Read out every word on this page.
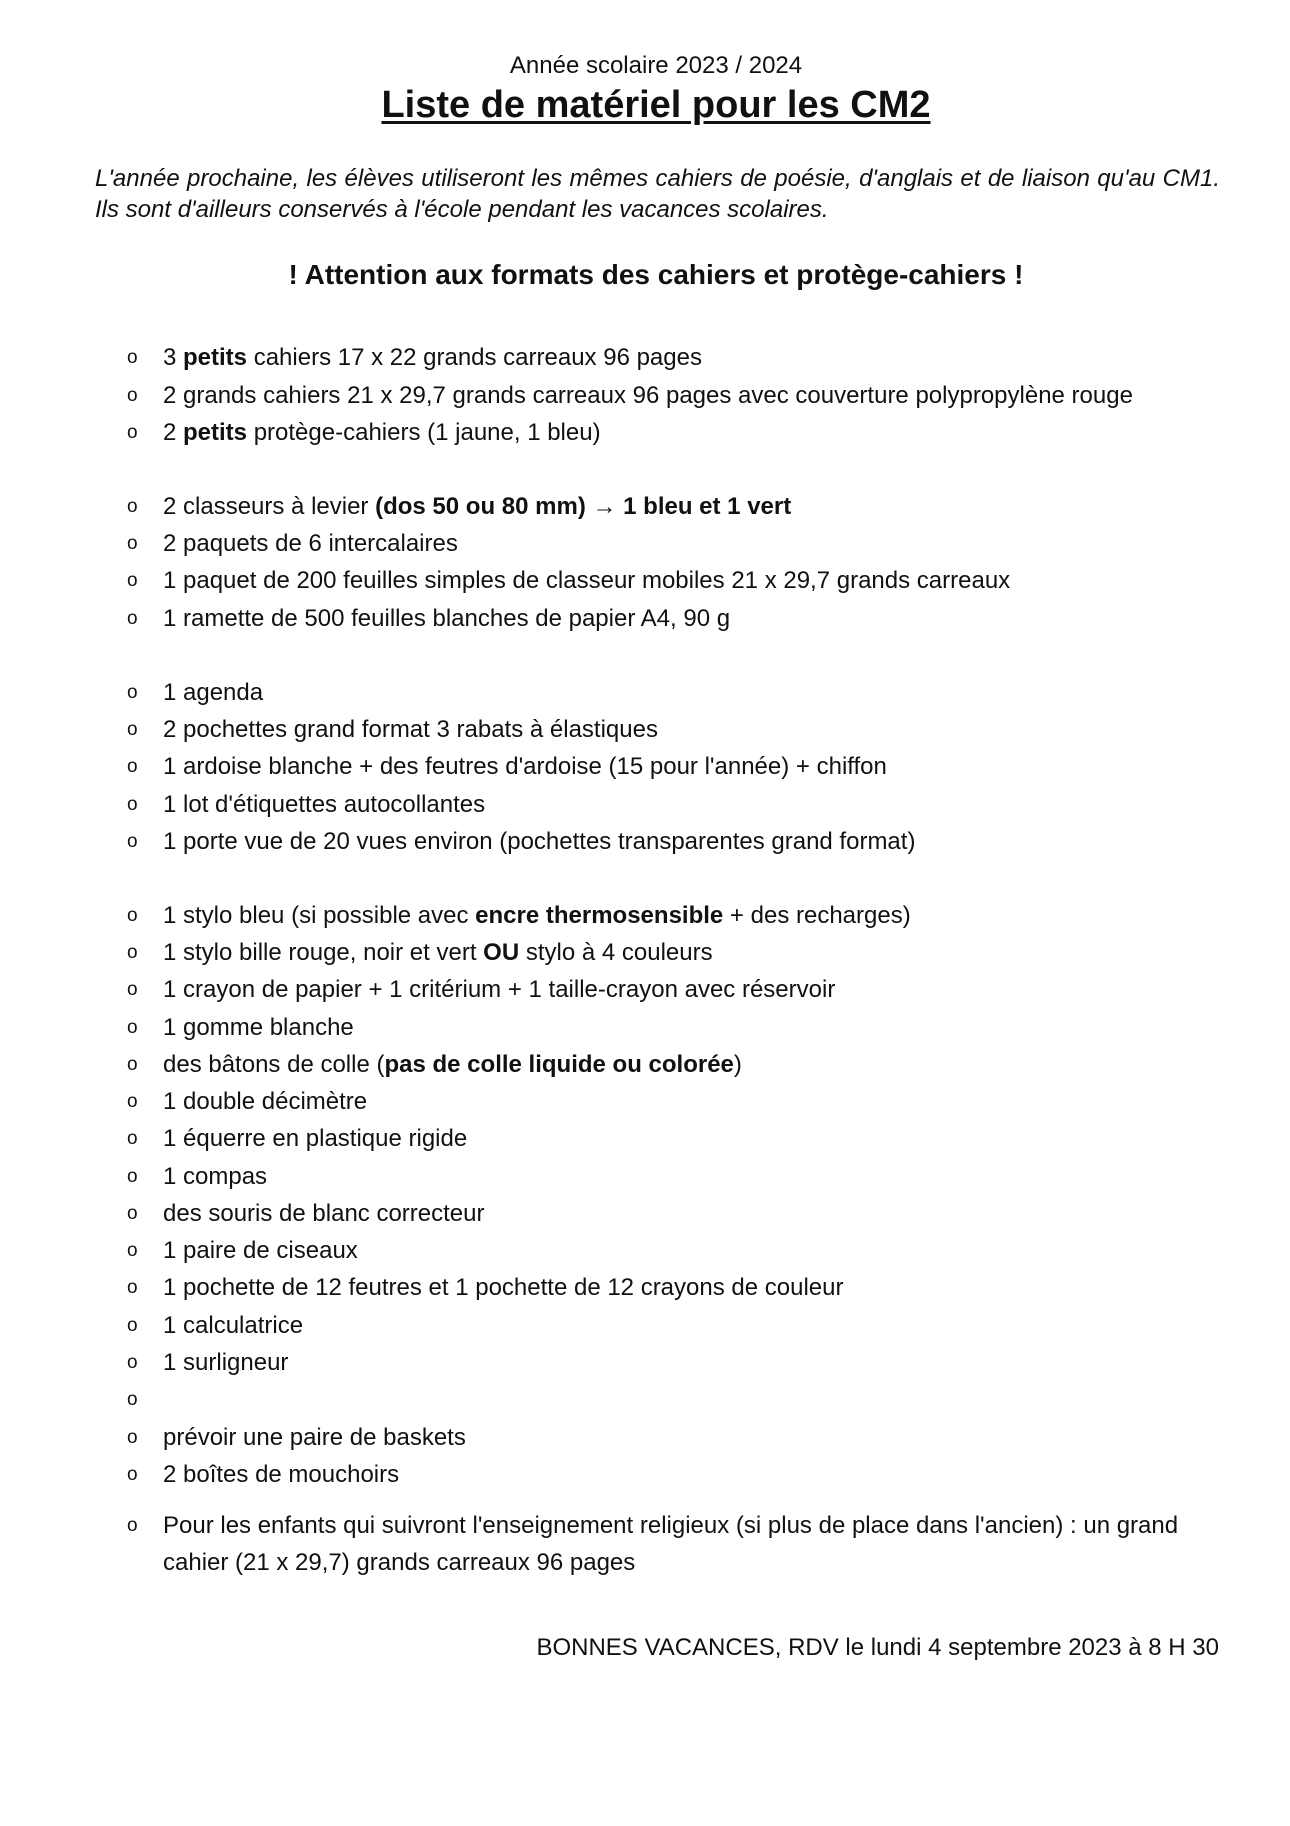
Année scolaire 2023 / 2024
Liste de matériel pour les CM2
L'année prochaine, les élèves utiliseront les mêmes cahiers de poésie, d'anglais et de liaison qu'au CM1. Ils sont d'ailleurs conservés à l'école pendant les vacances scolaires.
! Attention aux formats des cahiers et protège-cahiers !
o	3 petits cahiers 17 x 22 grands carreaux 96 pages
o	2 grands cahiers 21 x 29,7 grands carreaux 96 pages avec couverture polypropylène rouge
o	2 petits protège-cahiers (1 jaune, 1 bleu)
o	2 classeurs à levier (dos 50 ou 80 mm) → 1 bleu et 1 vert
o	2 paquets de 6 intercalaires
o	1 paquet de 200 feuilles simples de classeur mobiles 21 x 29,7 grands carreaux
o	1 ramette de 500 feuilles blanches de papier A4, 90 g
o	1 agenda
o	2 pochettes grand format 3 rabats à élastiques
o	1 ardoise blanche + des feutres d'ardoise (15 pour l'année) + chiffon
o	1 lot d'étiquettes autocollantes
o	1 porte vue de 20 vues environ (pochettes transparentes grand format)
o	1 stylo bleu (si possible avec encre thermosensible + des recharges)
o	1 stylo bille rouge, noir et vert OU stylo à 4 couleurs
o	1 crayon de papier + 1 critérium + 1 taille-crayon avec réservoir
o	1 gomme blanche
o	des bâtons de colle (pas de colle liquide ou colorée)
o	1 double décimètre
o	1 équerre en plastique rigide
o	1 compas
o	des souris de blanc correcteur
o	1 paire de ciseaux
o	1 pochette de 12 feutres et 1 pochette de 12 crayons de couleur
o	1 calculatrice
o	1 surligneur
o
o	prévoir une paire de baskets
o	2 boîtes de mouchoirs
o	Pour les enfants qui suivront l'enseignement religieux (si plus de place dans l'ancien) : un grand cahier (21 x 29,7) grands carreaux 96 pages
BONNES VACANCES, RDV le lundi 4 septembre 2023 à 8 H 30
